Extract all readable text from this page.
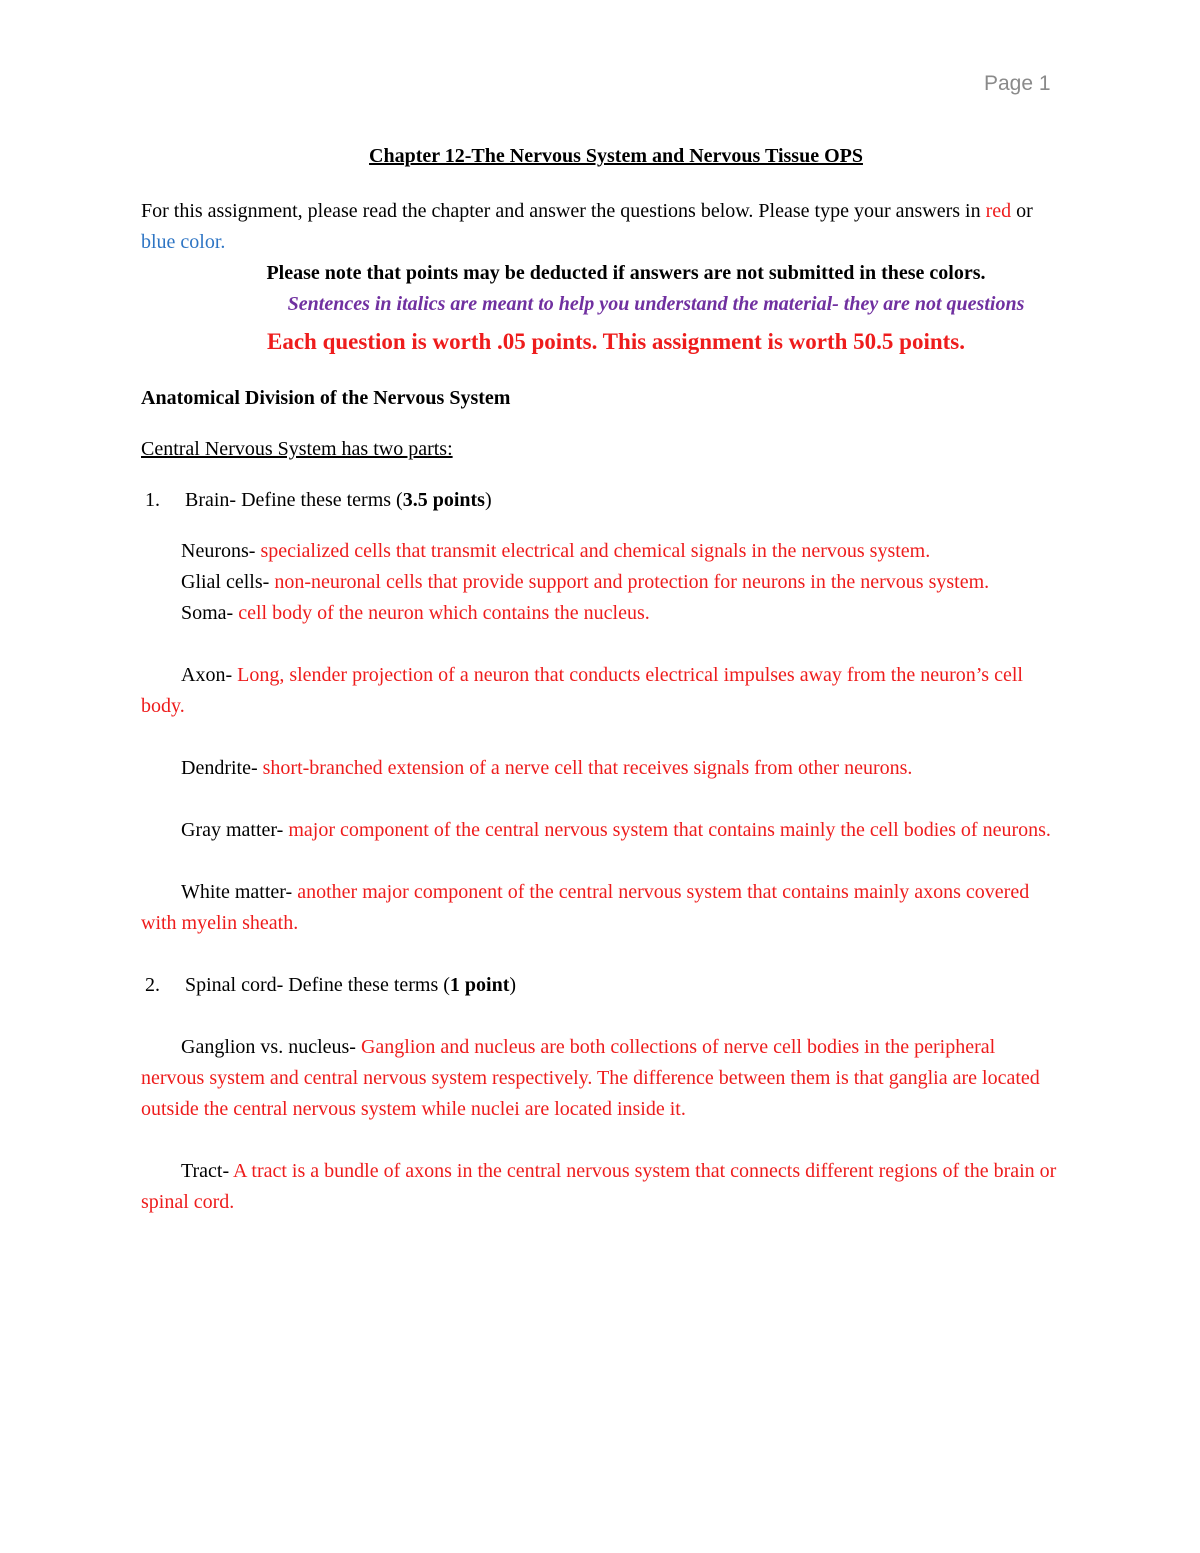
Page 1

Chapter 12-The Nervous System and Nervous Tissue OPS

For this assignment, please read the chapter and answer the questions below. Please type your answers in red or blue color.
Please note that points may be deducted if answers are not submitted in these colors.
Sentences in italics are meant to help you understand the material- they are not questions
Each question is worth .05 points. This assignment is worth 50.5 points.
Anatomical Division of the Nervous System
Central Nervous System has two parts:
1.	Brain- Define these terms (3.5 points)
Neurons- specialized cells that transmit electrical and chemical signals in the nervous system.
Glial cells- non-neuronal cells that provide support and protection for neurons in the nervous system.
Soma- cell body of the neuron which contains the nucleus.
Axon- Long, slender projection of a neuron that conducts electrical impulses away from the neuron’s cell body.
Dendrite- short-branched extension of a nerve cell that receives signals from other neurons.
Gray matter- major component of the central nervous system that contains mainly the cell bodies of neurons.
White matter- another major component of the central nervous system that contains mainly axons covered with myelin sheath.
2.	Spinal cord- Define these terms (1 point)
Ganglion vs. nucleus- Ganglion and nucleus are both collections of nerve cell bodies in the peripheral nervous system and central nervous system respectively. The difference between them is that ganglia are located outside the central nervous system while nuclei are located inside it.
Tract- A tract is a bundle of axons in the central nervous system that connects different regions of the brain or spinal cord.
